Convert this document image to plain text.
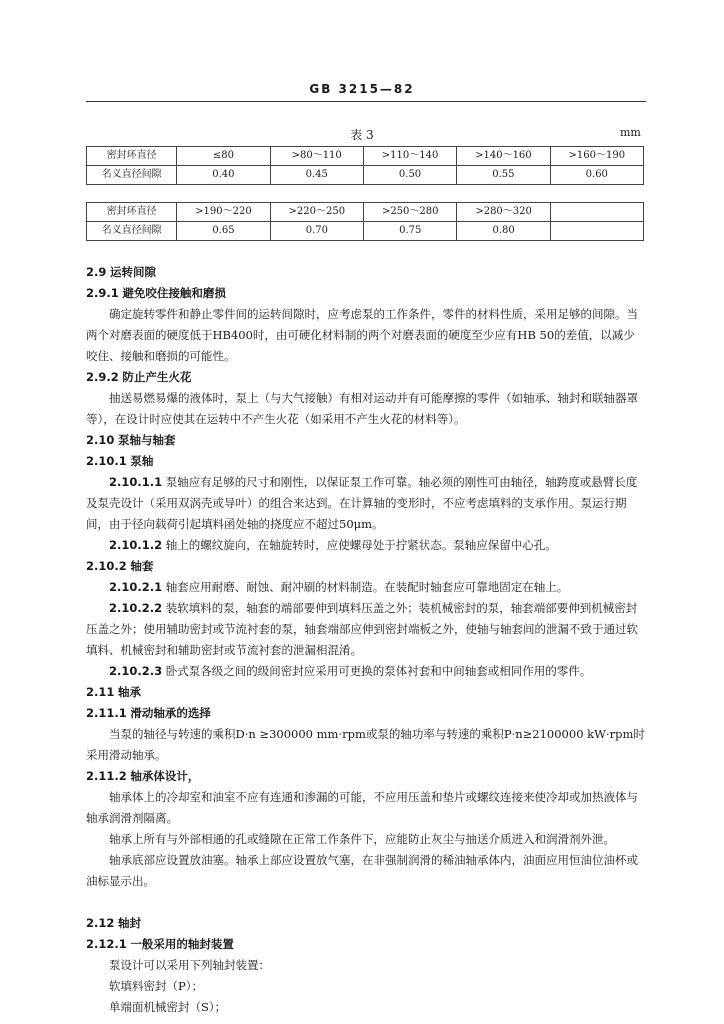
GB 3215—82
表 3	mm
密封环直径	≤80	>80～110	>110～140	>140～160	>160～190
名义直径间隙	0.40	0.45	0.50	0.55	0.60
密封环直径	>190～220	>220～250	>250～280	>280～320	
名义直径间隙	0.65	0.70	0.75	0.80	
2.9 运转间隙
2.9.1 避免咬住接触和磨损
确定旋转零件和静止零件间的运转间隙时，应考虑泵的工作条件，零件的材料性质，采用足够的间隙。当两个对磨表面的硬度低于HB400时，由可硬化材料制的两个对磨表面的硬度至少应有HB 50的差值，以减少咬住、接触和磨损的可能性。
2.9.2 防止产生火花
抽送易燃易爆的液体时，泵上（与大气接触）有相对运动并有可能摩擦的零件（如轴承、轴封和联轴器罩等），在设计时应使其在运转中不产生火花（如采用不产生火花的材料等）。
2.10 泵轴与轴套
2.10.1 泵轴
2.10.1.1 泵轴应有足够的尺寸和刚性，以保证泵工作可靠。轴必须的刚性可由轴径，轴跨度或悬臂长度及泵壳设计（采用双涡壳或导叶）的组合来达到。在计算轴的变形时，不应考虑填料的支承作用。泵运行期间，由于径向载荷引起填料函处轴的挠度应不超过50μm。
2.10.1.2 轴上的螺纹旋向，在轴旋转时，应使螺母处于拧紧状态。泵轴应保留中心孔。
2.10.2 轴套
2.10.2.1 轴套应用耐磨、耐蚀、耐冲刷的材料制造。在装配时轴套应可靠地固定在轴上。
2.10.2.2 装软填料的泵，轴套的端部要伸到填料压盖之外；装机械密封的泵，轴套端部要伸到机械密封压盖之外；使用辅助密封或节流衬套的泵，轴套端部应伸到密封端板之外，使轴与轴套间的泄漏不致于通过软填料、机械密封和辅助密封或节流衬套的泄漏相混淆。
2.10.2.3 卧式泵各级之间的级间密封应采用可更换的泵体衬套和中间轴套或相同作用的零件。
2.11 轴承
2.11.1 滑动轴承的选择
当泵的轴径与转速的乘积D·n ≥300000 mm·rpm或泵的轴功率与转速的乘积P·n≥2100000 kW·rpm时采用滑动轴承。
2.11.2 轴承体设计，
轴承体上的冷却室和油室不应有连通和渗漏的可能，不应用压盖和垫片或螺纹连接来使冷却或加热液体与轴承润滑剂隔离。
轴承上所有与外部相通的孔或缝隙在正常工作条件下，应能防止灰尘与抽送介质进入和润滑剂外泄。
轴承底部应设置放油塞。轴承上部应设置放气塞，在非强制润滑的稀油轴承体内，油面应用恒油位油杯或油标显示出。
2.12 轴封
2.12.1 一般采用的轴封装置
泵设计可以采用下列轴封装置：
软填料密封（P）；
单端面机械密封（S）；
